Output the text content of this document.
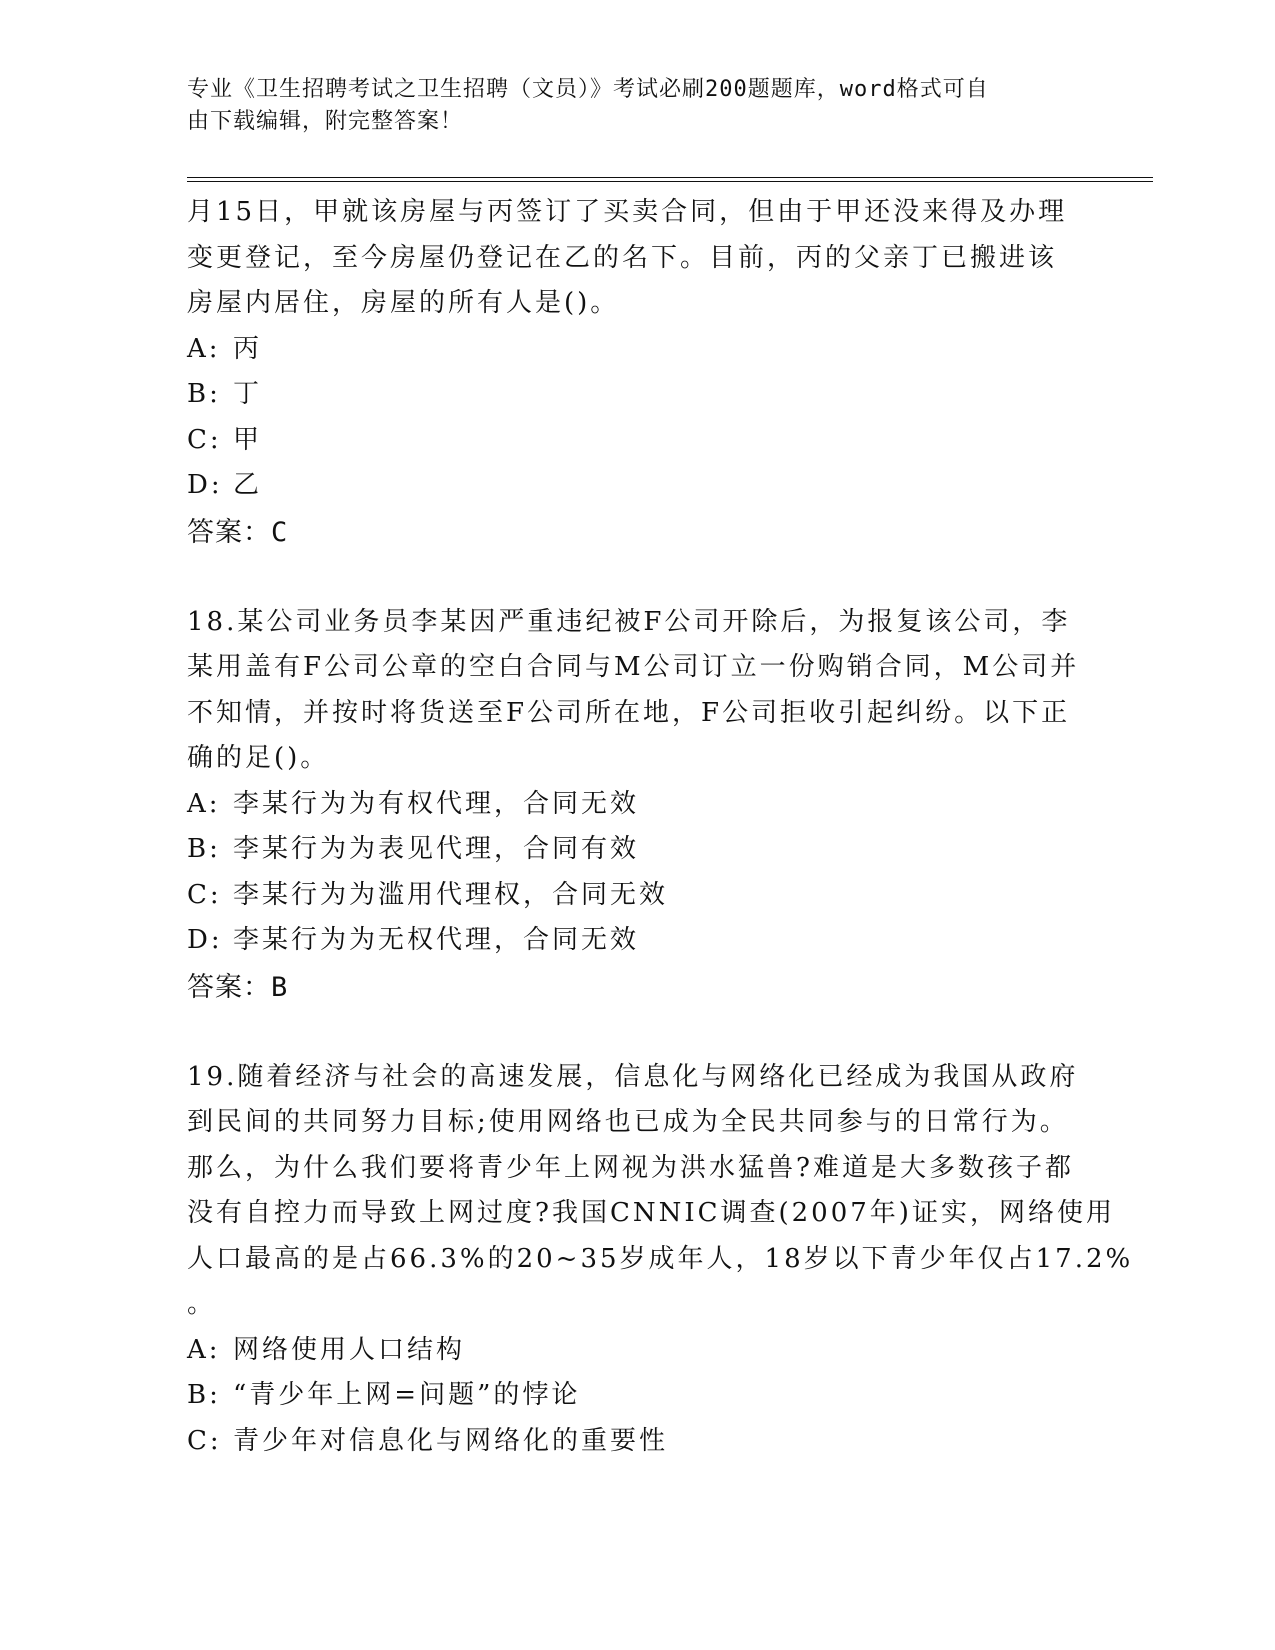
专业《卫生招聘考试之卫生招聘（文员）》考试必刷200题题库，word格式可自
由下载编辑，附完整答案！
月15日，甲就该房屋与丙签订了买卖合同，但由于甲还没来得及办理
变更登记，至今房屋仍登记在乙的名下。目前，丙的父亲丁已搬进该
房屋内居住，房屋的所有人是()。
A: 丙
B: 丁
C: 甲
D: 乙
答案：C
18.某公司业务员李某因严重违纪被F公司开除后，为报复该公司，李
某用盖有F公司公章的空白合同与M公司订立一份购销合同，M公司并
不知情，并按时将货送至F公司所在地，F公司拒收引起纠纷。以下正
确的足()。
A: 李某行为为有权代理，合同无效
B: 李某行为为表见代理，合同有效
C: 李某行为为滥用代理权，合同无效
D: 李某行为为无权代理，合同无效
答案：B
19.随着经济与社会的高速发展，信息化与网络化已经成为我国从政府
到民间的共同努力目标;使用网络也已成为全民共同参与的日常行为。
那么，为什么我们要将青少年上网视为洪水猛兽?难道是大多数孩子都
没有自控力而导致上网过度?我国CNNIC调查(2007年)证实，网络使用
人口最高的是占66.3%的20~35岁成年人，18岁以下青少年仅占17.2%
。
A: 网络使用人口结构
B: “青少年上网=问题”的悖论
C: 青少年对信息化与网络化的重要性
